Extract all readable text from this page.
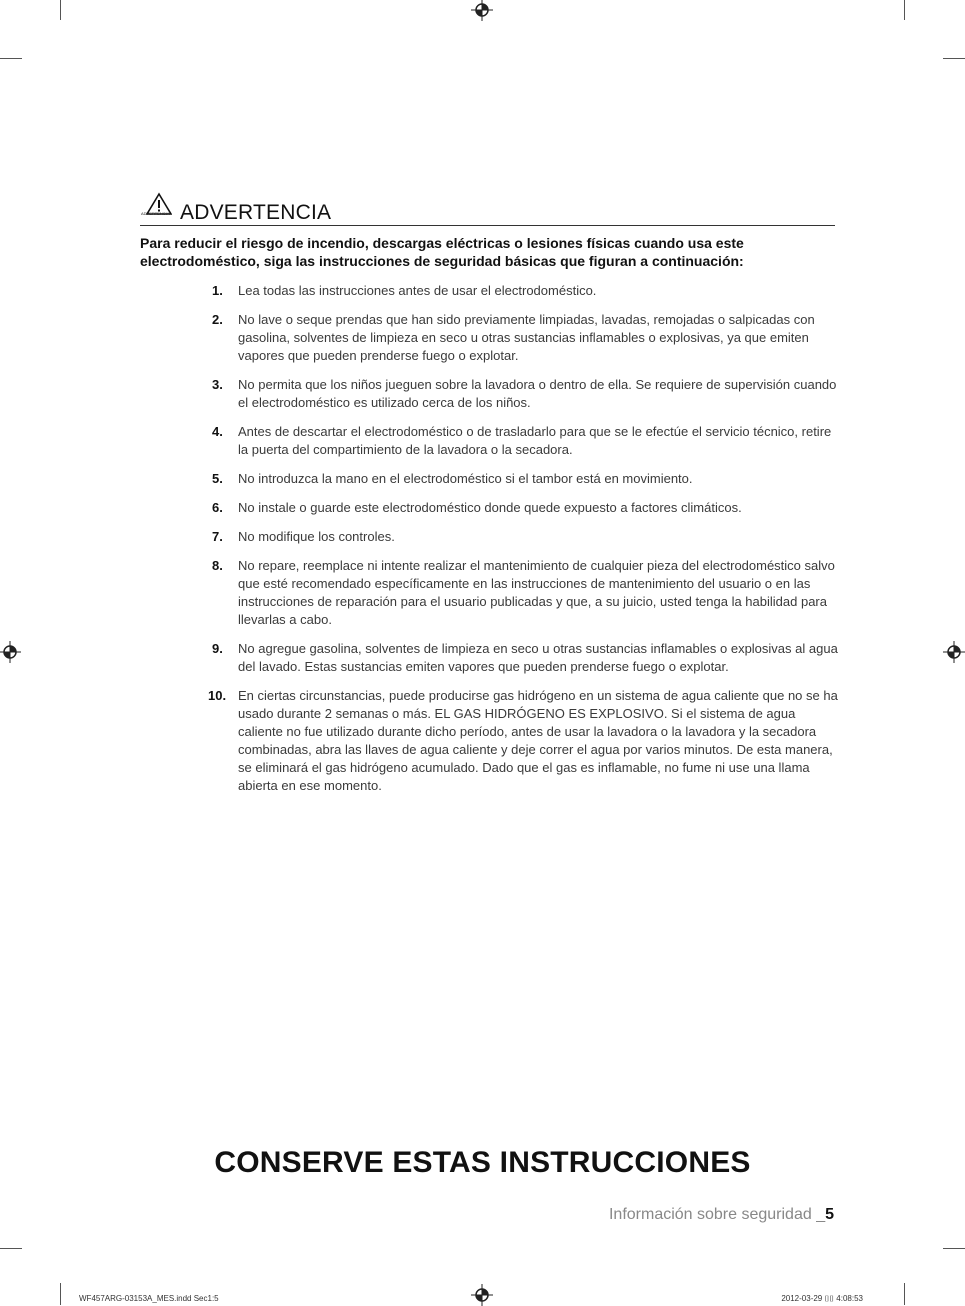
ADVERTENCIA ADVERTENCIA
Para reducir el riesgo de incendio, descargas eléctricas o lesiones físicas cuando usa este electrodoméstico, siga las instrucciones de seguridad básicas que figuran a continuación:
1. Lea todas las instrucciones antes de usar el electrodoméstico.
2. No lave o seque prendas que han sido previamente limpiadas, lavadas, remojadas o salpicadas con gasolina, solventes de limpieza en seco u otras sustancias inflamables o explosivas, ya que emiten vapores que pueden prenderse fuego o explotar.
3. No permita que los niños jueguen sobre la lavadora o dentro de ella. Se requiere de supervisión cuando el electrodoméstico es utilizado cerca de los niños.
4. Antes de descartar el electrodoméstico o de trasladarlo para que se le efectúe el servicio técnico, retire la puerta del compartimiento de la lavadora o la secadora.
5. No introduzca la mano en el electrodoméstico si el tambor está en movimiento.
6. No instale o guarde este electrodoméstico donde quede expuesto a factores climáticos.
7. No modifique los controles.
8. No repare, reemplace ni intente realizar el mantenimiento de cualquier pieza del electrodoméstico salvo que esté recomendado específicamente en las instrucciones de mantenimiento del usuario o en las instrucciones de reparación para el usuario publicadas y que, a su juicio, usted tenga la habilidad para llevarlas a cabo.
9. No agregue gasolina, solventes de limpieza en seco u otras sustancias inflamables o explosivas al agua del lavado. Estas sustancias emiten vapores que pueden prenderse fuego o explotar.
10. En ciertas circunstancias, puede producirse gas hidrógeno en un sistema de agua caliente que no se ha usado durante 2 semanas o más. EL GAS HIDRÓGENO ES EXPLOSIVO. Si el sistema de agua caliente no fue utilizado durante dicho período, antes de usar la lavadora o la lavadora y la secadora combinadas, abra las llaves de agua caliente y deje correr el agua por varios minutos. De esta manera, se eliminará el gas hidrógeno acumulado. Dado que el gas es inflamable, no fume ni use una llama abierta en ese momento.
CONSERVE ESTAS INSTRUCCIONES
Información sobre seguridad _5
WF457ARG-03153A_MES.indd Sec1:5	2012-03-29 ⌷⌷ 4:08:53
